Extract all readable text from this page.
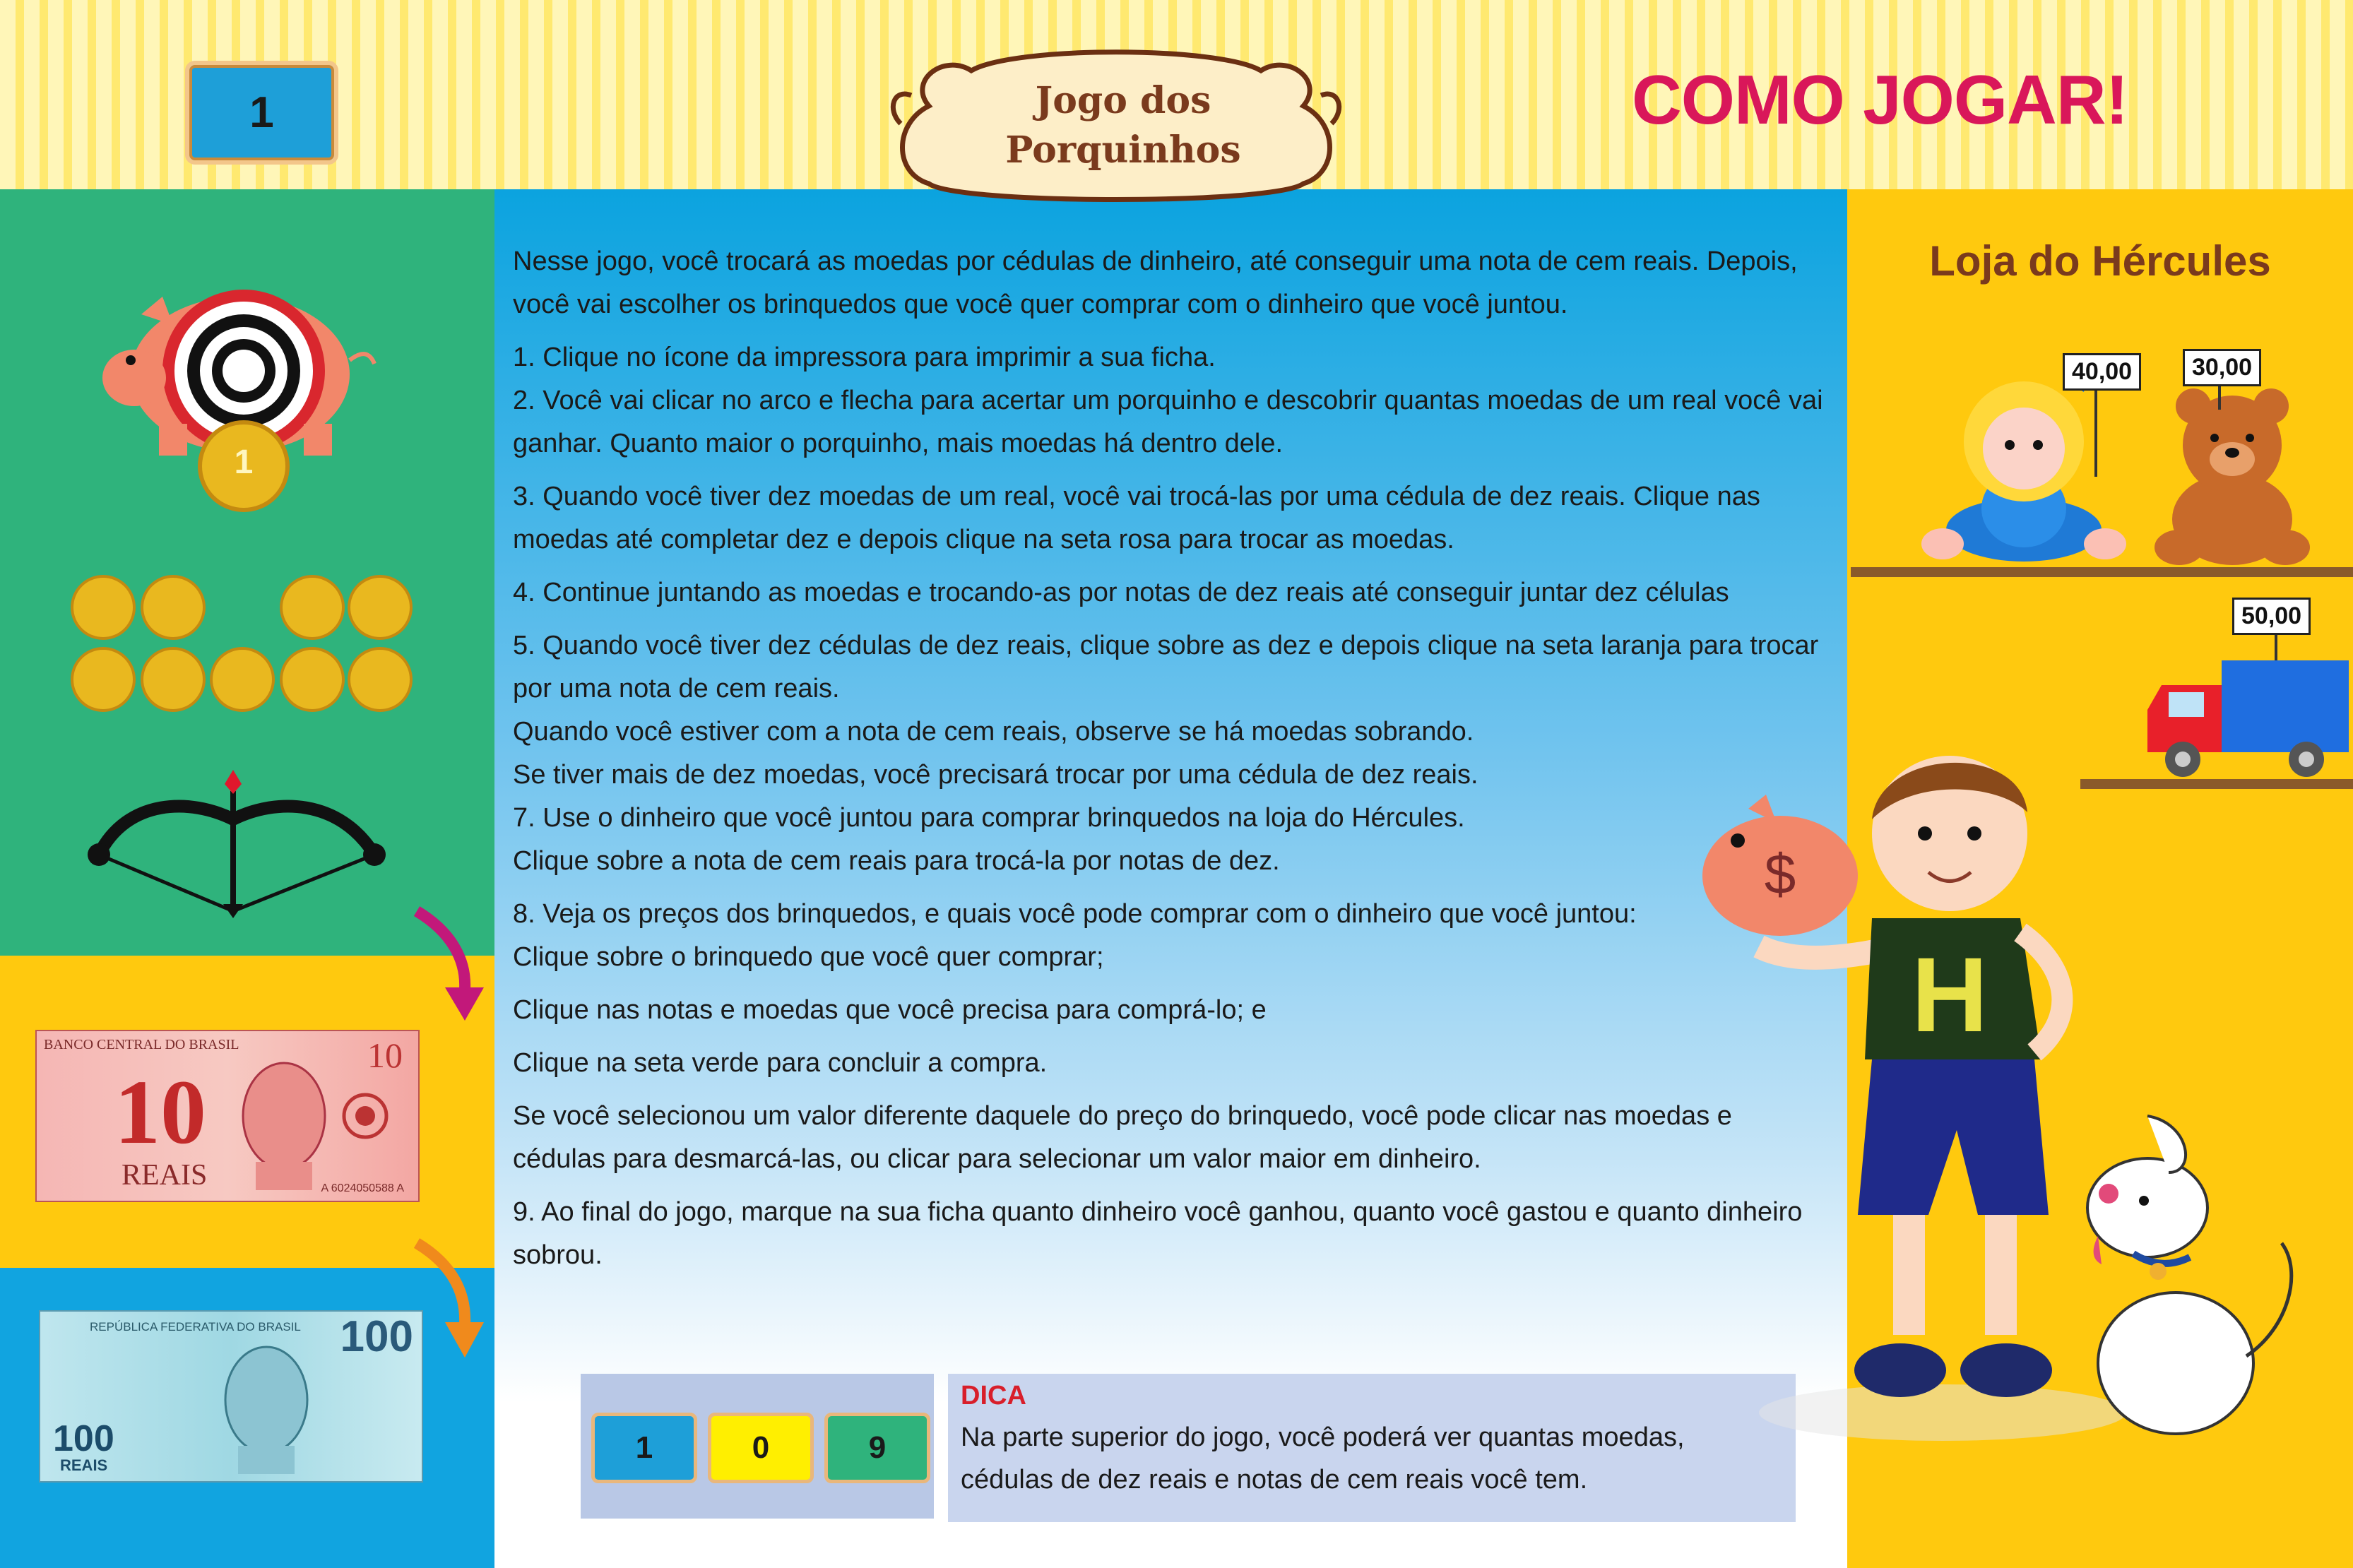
1	Jogo dos
Porquinhos
COMO JOGAR!
1
BANCO CENTRAL DO BRASIL
10
10
REAIS	A 6024050588 A
REPÚBLICA FEDERATIVA DO BRASIL 100
100
REAIS

Nesse jogo, você trocará as moedas por cédulas de dinheiro, até conseguir uma nota de cem reais. Depois, você vai escolher os brinquedos que você quer comprar com o dinheiro que você juntou.

1. Clique no ícone da impressora para imprimir a sua ficha.

2. Você vai clicar no arco e flecha para acertar um porquinho e descobrir quantas moedas de um real você vai ganhar. Quanto maior o porquinho, mais moedas há dentro dele.

3. Quando você tiver dez moedas de um real, você vai trocá-las por uma cédula de dez reais. Clique nas moedas até completar dez e depois clique na seta rosa para trocar as moedas.

4. Continue juntando as moedas e trocando-as por notas de dez reais até conseguir juntar dez células

5. Quando você tiver dez cédulas de dez reais, clique sobre as dez e depois clique na seta laranja para trocar por uma nota de cem reais.

Quando você estiver com a nota de cem reais, observe se há moedas sobrando.

Se tiver mais de dez moedas, você precisará trocar por uma cédula de dez reais.

7. Use o dinheiro que você juntou para comprar brinquedos na loja do Hércules.

Clique sobre a nota de cem reais para trocá-la por notas de dez.

8. Veja os preços dos brinquedos, e quais você pode comprar com o dinheiro que você juntou:

Clique sobre o brinquedo que você quer comprar;

Clique nas notas e moedas que você precisa para comprá-lo; e

Clique na seta verde para concluir a compra.

Se você selecionou um valor diferente daquele do preço do brinquedo, você pode clicar nas moedas e cédulas para desmarcá-las, ou clicar para selecionar um valor maior em dinheiro.

9. Ao final do jogo, marque na sua ficha quanto dinheiro você ganhou, quanto você gastou e quanto dinheiro sobrou.

1	0	9
DICA
Na parte superior do jogo, você poderá ver quantas moedas, cédulas de dez reais e notas de cem reais você tem.
Loja do Hércules
40,00	30,00
50,00
$
H
